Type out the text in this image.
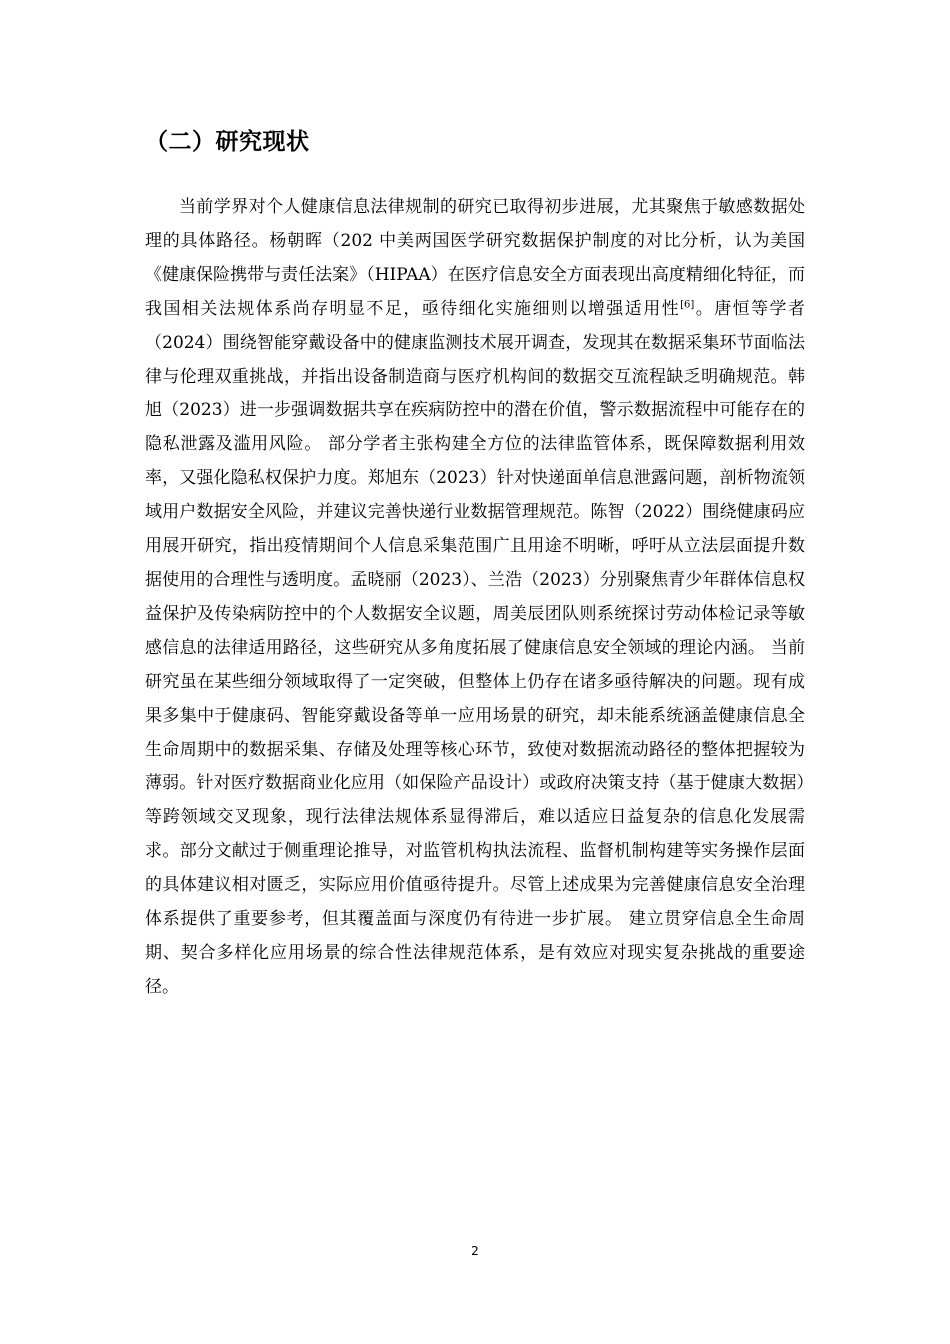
（二）研究现状

当前学界对个人健康信息法律规制的研究已取得初步进展，尤其聚焦于敏感数据处理的具体路径。杨朝晖（202 中美两国医学研究数据保护制度的对比分析，认为美国《健康保险携带与责任法案》（HIPAA）在医疗信息安全方面表现出高度精细化特征，而我国相关法规体系尚存明显不足，亟待细化实施细则以增强适用性[6]。唐恒等学者（2024）围绕智能穿戴设备中的健康监测技术展开调查，发现其在数据采集环节面临法律与伦理双重挑战，并指出设备制造商与医疗机构间的数据交互流程缺乏明确规范。韩旭（2023）进一步强调数据共享在疾病防控中的潜在价值，警示数据流程中可能存在的隐私泄露及滥用风险。 部分学者主张构建全方位的法律监管体系，既保障数据利用效率，又强化隐私权保护力度。郑旭东（2023）针对快递面单信息泄露问题，剖析物流领域用户数据安全风险，并建议完善快递行业数据管理规范。陈智（2022）围绕健康码应用展开研究，指出疫情期间个人信息采集范围广且用途不明晰，呼吁从立法层面提升数据使用的合理性与透明度。孟晓丽（2023）、兰浩（2023）分别聚焦青少年群体信息权益保护及传染病防控中的个人数据安全议题，周美辰团队则系统探讨劳动体检记录等敏感信息的法律适用路径，这些研究从多角度拓展了健康信息安全领域的理论内涵。 当前研究虽在某些细分领域取得了一定突破，但整体上仍存在诸多亟待解决的问题。现有成果多集中于健康码、智能穿戴设备等单一应用场景的研究，却未能系统涵盖健康信息全生命周期中的数据采集、存储及处理等核心环节，致使对数据流动路径的整体把握较为薄弱。针对医疗数据商业化应用（如保险产品设计）或政府决策支持（基于健康大数据）等跨领域交叉现象，现行法律法规体系显得滞后，难以适应日益复杂的信息化发展需求。部分文献过于侧重理论推导，对监管机构执法流程、监督机制构建等实务操作层面的具体建议相对匮乏，实际应用价值亟待提升。尽管上述成果为完善健康信息安全治理体系提供了重要参考，但其覆盖面与深度仍有待进一步扩展。 建立贯穿信息全生命周期、契合多样化应用场景的综合性法律规范体系，是有效应对现实复杂挑战的重要途径。

2
